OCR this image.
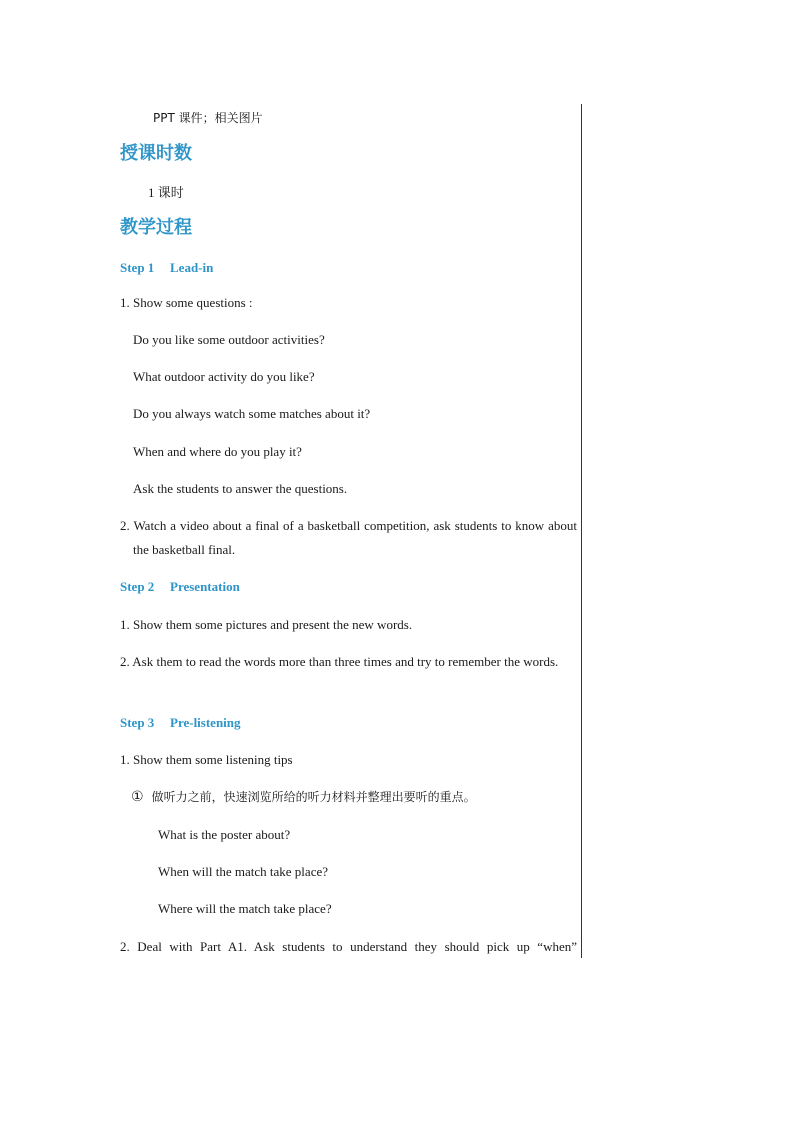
PPT 课件；相关图片
授课时数
1 课时
教学过程
Step 1 Lead-in
1. Show some questions :
Do you like some outdoor activities?
What outdoor activity do you like?
Do you always watch some matches about it?
When and where do you play it?
Ask the students to answer the questions.
2. Watch a video about a final of a basketball competition, ask students to know about the basketball final.
Step 2 Presentation
1. Show them some pictures and present the new words.
2. Ask them to read the words more than three times and try to remember the words.
Step 3 Pre-listening
1. Show them some listening tips
① 做听力之前，快速浏览所给的听力材料并整理出要听的重点。
What is the poster about?
When will the match take place?
Where will the match take place?
2. Deal with Part A1. Ask students to understand they should pick up “when”
